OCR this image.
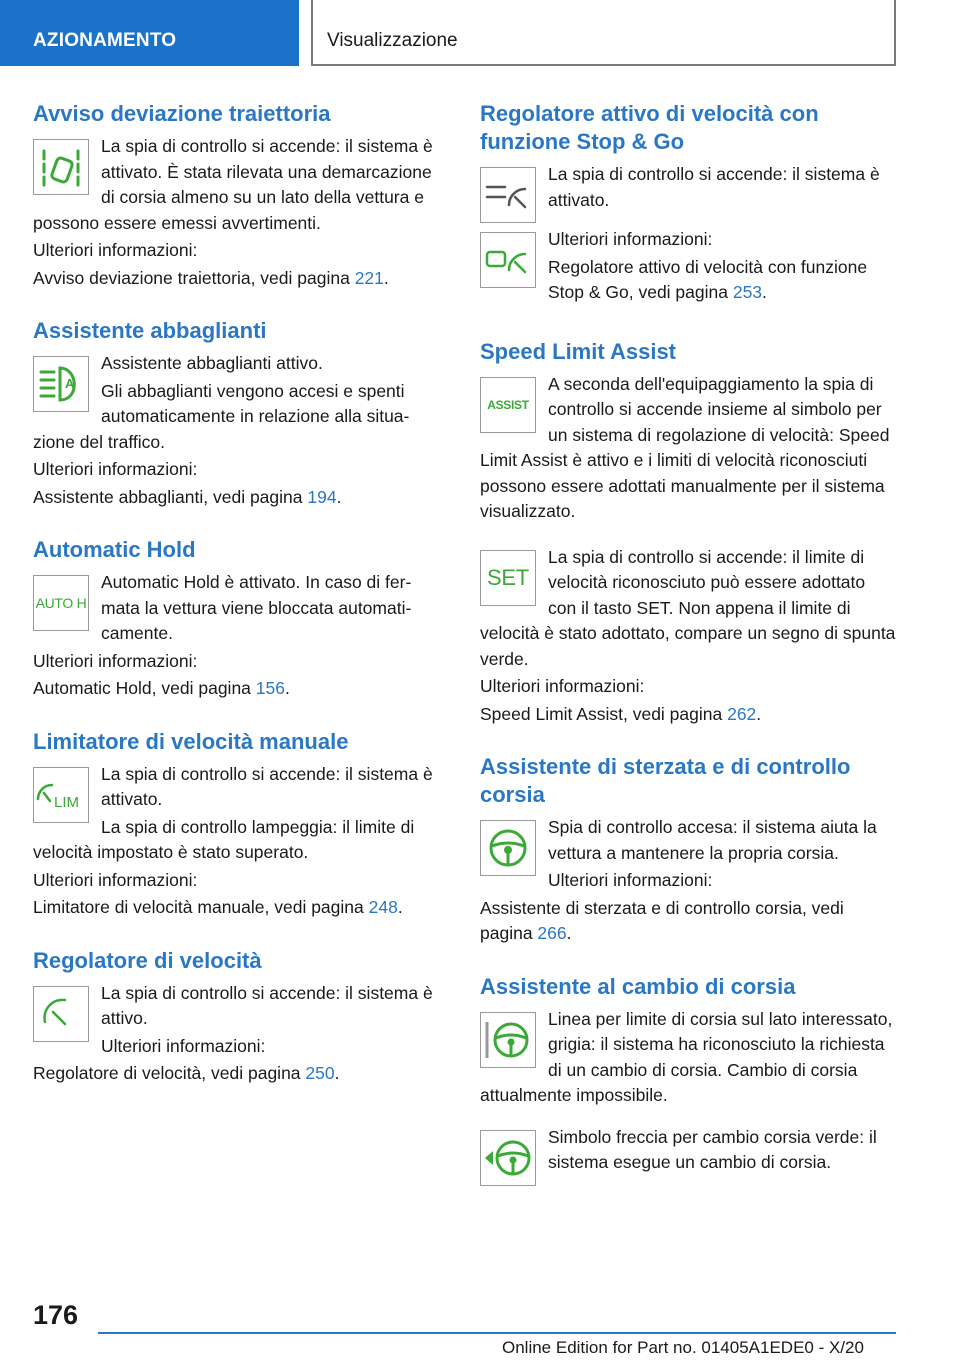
AZIONAMENTO	Visualizzazione
Avviso deviazione traiettoria

La spia di controllo si accende: il sistema è attivato. È stata rilevata una demarcazione di corsia almeno su un lato della vettura e possono essere emessi avvertimenti.

Ulteriori informazioni:

Avviso deviazione traiettoria, vedi pagina 221.

Assistente abbaglianti
A

Assistente abbaglianti attivo.

Gli abbaglianti vengono accesi e spenti automaticamente in relazione alla situazione del traffico.

Ulteriori informazioni:

Assistente abbaglianti, vedi pagina 194.

Automatic Hold
AUTO H

Automatic Hold è attivato. In caso di fermata la vettura viene bloccata automaticamente.

Ulteriori informazioni:

Automatic Hold, vedi pagina 156.

Limitatore di velocità manuale
LIM

La spia di controllo si accende: il sistema è attivato.

La spia di controllo lampeggia: il limite di velocità impostato è stato superato.

Ulteriori informazioni:

Limitatore di velocità manuale, vedi pagina 248.

Regolatore di velocità

La spia di controllo si accende: il sistema è attivo.

Ulteriori informazioni:

Regolatore di velocità, vedi pagina 250.

Regolatore attivo di velocità con funzione Stop & Go

La spia di controllo si accende: il sistema è attivato.

Ulteriori informazioni:

Regolatore attivo di velocità con funzione Stop & Go, vedi pagina 253.

Speed Limit Assist
ASSIST

A seconda dell'equipaggiamento la spia di controllo si accende insieme al simbolo per un sistema di regolazione di velocità: Speed Limit Assist è attivo e i limiti di velocità riconosciuti possono essere adottati manualmente per il sistema visualizzato.

SET

La spia di controllo si accende: il limite di velocità riconosciuto può essere adottato con il tasto SET. Non appena il limite di velocità è stato adottato, compare un segno di spunta verde.

Ulteriori informazioni:

Speed Limit Assist, vedi pagina 262.

Assistente di sterzata e di controllo corsia

Spia di controllo accesa: il sistema aiuta la vettura a mantenere la propria corsia.

Ulteriori informazioni:

Assistente di sterzata e di controllo corsia, vedi pagina 266.

Assistente al cambio di corsia

Linea per limite di corsia sul lato interessato, grigia: il sistema ha riconosciuto la richiesta di un cambio di corsia. Cambio di corsia attualmente impossibile.

Simbolo freccia per cambio corsia verde: il sistema esegue un cambio di corsia.

176
Online Edition for Part no. 01405A1EDE0 - X/20
